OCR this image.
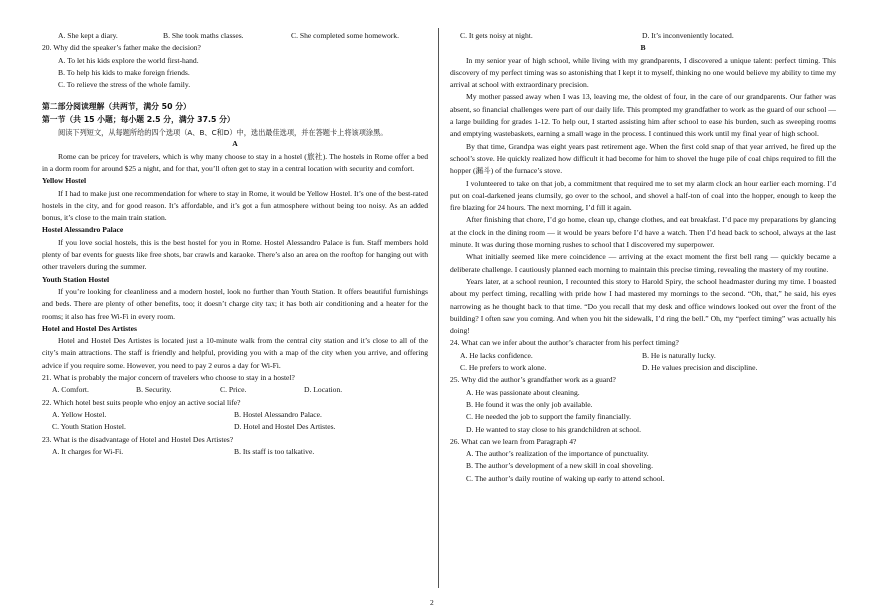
A. She kept a diary.	B. She took maths classes.	C. She completed some homework.
20. Why did the speaker’s father make the decision?
A. To let his kids explore the world first-hand.
B. To help his kids to make foreign friends.
C. To relieve the stress of the whole family.
第二部分阅读理解（共两节，满分 50 分）
第一节（共 15 小题；每小题 2.5 分，满分 37.5 分）
阅读下列短文，从每题所给的四个选项（A、B、C和D）中，选出最佳选项，并在答题卡上将该项涂黑。
A

Rome can be pricey for travelers, which is why many choose to stay in a hostel (旅社). The hostels in Rome offer a bed in a dorm room for around $25 a night, and for that, you’ll often get to stay in a central location with security and comfort.

Yellow Hostel

If I had to make just one recommendation for where to stay in Rome, it would be Yellow Hostel. It’s one of the best-rated hostels in the city, and for good reason. It’s affordable, and it’s got a fun atmosphere without being too noisy. As an added bonus, it’s close to the main train station.

Hostel Alessandro Palace

If you love social hostels, this is the best hostel for you in Rome. Hostel Alessandro Palace is fun. Staff members hold plenty of bar events for guests like free shots, bar crawls and karaoke. There’s also an area on the rooftop for hanging out with other travelers during the summer.

Youth Station Hostel

If you’re looking for cleanliness and a modern hostel, look no further than Youth Station. It offers beautiful furnishings and beds. There are plenty of other benefits, too; it doesn’t charge city tax; it has both air conditioning and a heater for the rooms; it also has free Wi-Fi in every room.

Hotel and Hostel Des Artistes

Hotel and Hostel Des Artistes is located just a 10-minute walk from the central city station and it’s close to all of the city’s main attractions. The staff is friendly and helpful, providing you with a map of the city when you arrive, and offering advice if you require some. However, you need to pay 2 euros a day for Wi-Fi.

21. What is probably the major concern of travelers who choose to stay in a hostel?
A. Comfort.	B. Security.	C. Price.	D. Location.
22. Which hotel best suits people who enjoy an active social life?
A. Yellow Hostel.	B. Hostel Alessandro Palace.
C. Youth Station Hostel.	D. Hotel and Hostel Des Artistes.
23. What is the disadvantage of Hotel and Hostel Des Artistes?
A. It charges for Wi-Fi.	B. Its staff is too talkative.
C. It gets noisy at night.	D. It’s inconveniently located.
B

In my senior year of high school, while living with my grandparents, I discovered a unique talent: perfect timing. This discovery of my perfect timing was so astonishing that I kept it to myself, thinking no one would believe my ability to time my arrival at school with extraordinary precision.

My mother passed away when I was 13, leaving me, the oldest of four, in the care of our grandparents. Our father was absent, so financial challenges were part of our daily life. This prompted my grandfather to work as the guard of our school — a large building for grades 1-12. To help out, I started assisting him after school to ease his burden, such as sweeping rooms and emptying wastebaskets, earning a small wage in the process. I continued this work until my final year of high school.

By that time, Grandpa was eight years past retirement age. When the first cold snap of that year arrived, he fired up the school’s stove. He quickly realized how difficult it had become for him to shovel the huge pile of coal chips required to fill the hopper (漏斗) of the furnace’s stove.

I volunteered to take on that job, a commitment that required me to set my alarm clock an hour earlier each morning. I’d put on coal-darkened jeans clumsily, go over to the school, and shovel a half-ton of coal into the hopper, enough to keep the fire blazing for 24 hours. The next morning, I’d fill it again.

After finishing that chore, I’d go home, clean up, change clothes, and eat breakfast. I’d pace my preparations by glancing at the clock in the dining room — it would be years before I’d have a watch. Then I’d head back to school, always at the last minute. It was during those morning rushes to school that I discovered my superpower.

What initially seemed like mere coincidence — arriving at the exact moment the first bell rang — quickly became a deliberate challenge. I cautiously planned each morning to maintain this precise timing, revealing the mastery of my routine.

Years later, at a school reunion, I recounted this story to Harold Spiry, the school headmaster during my time. I boasted about my perfect timing, recalling with pride how I had mastered my mornings to the second. “Oh, that,” he said, his eyes narrowing as he thought back to that time. “Do you recall that my desk and office windows looked out over the front of the building? I often saw you coming. And when you hit the sidewalk, I’d ring the bell.” Oh, my “perfect timing” was actually his doing!

24. What can we infer about the author’s character from his perfect timing?
A. He lacks confidence.	B. He is naturally lucky.
C. He prefers to work alone.	D. He values precision and discipline.
25. Why did the author’s grandfather work as a guard?
A. He was passionate about cleaning.
B. He found it was the only job available.
C. He needed the job to support the family financially.
D. He wanted to stay close to his grandchildren at school.
26. What can we learn from Paragraph 4?
A. The author’s realization of the importance of punctuality.
B. The author’s development of a new skill in coal shoveling.
C. The author’s daily routine of waking up early to attend school.
2
